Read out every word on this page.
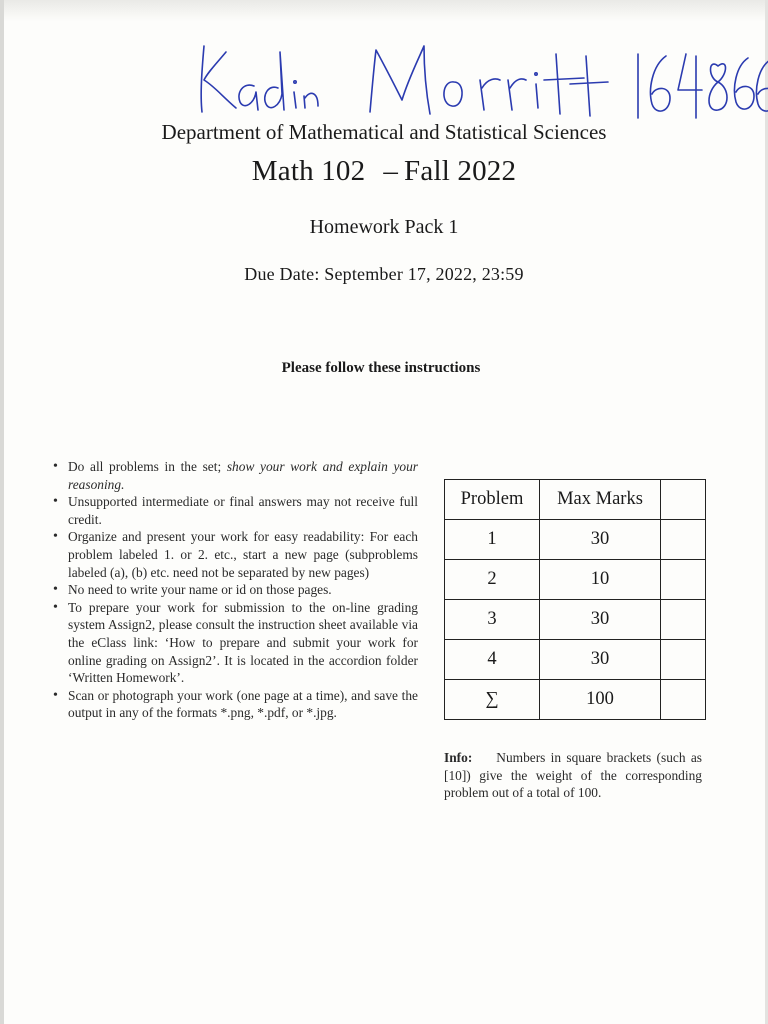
Department of Mathematical and Statistical Sciences
Math 102 – Fall 2022
Homework Pack 1
Due Date: September 17, 2022, 23:59
Please follow these instructions
• Do all problems in the set; show your work and explain your reasoning.
• Unsupported intermediate or final answers may not receive full credit.
• Organize and present your work for easy readability: For each problem labeled 1. or 2. etc., start a new page (subproblems labeled (a), (b) etc. need not be separated by new pages)
• No need to write your name or id on those pages.
• To prepare your work for submission to the on-line grading system Assign2, please consult the instruction sheet available via the eClass link: ‘How to prepare and submit your work for online grading on Assign2’. It is located in the accordion folder ‘Written Homework’.
• Scan or photograph your work (one page at a time), and save the output in any of the formats *.png, *.pdf, or *.jpg.
Problem	Max Marks	
1	30	
2	10	
3	30	
4	30	
∑	100	
Info: Numbers in square brackets (such as [10]) give the weight of the corresponding problem out of a total of 100.
